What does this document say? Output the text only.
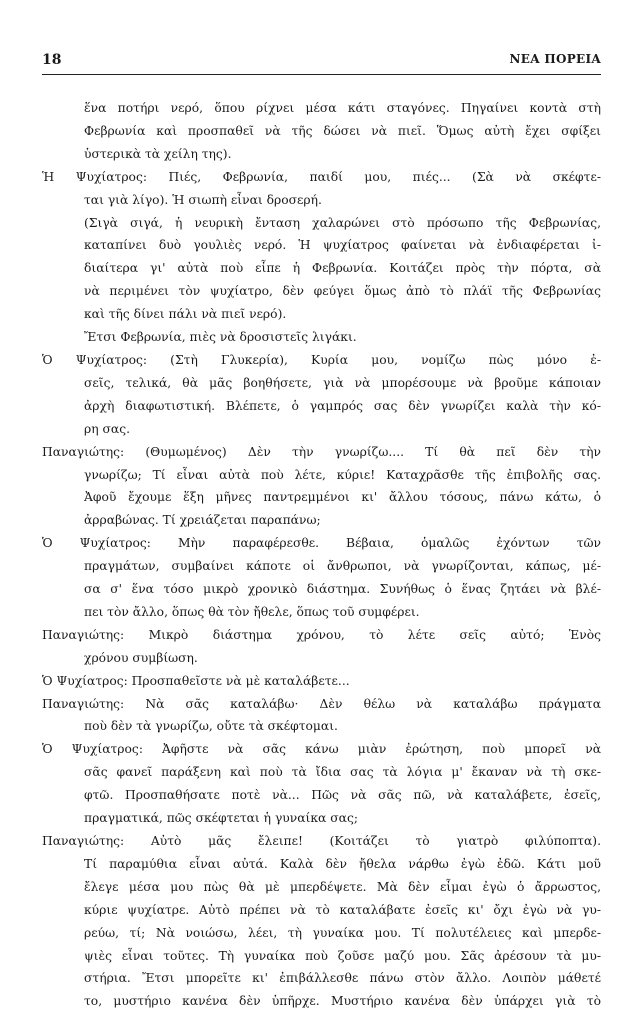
18	ΝΕΑ ΠΟΡΕΙΑ
ἕνα ποτήρι νερό, ὅπου ρίχνει μέσα κάτι σταγόνες. Πηγαίνει κοντὰ στὴ
Φεβρωνία καὶ προσπαθεῖ νὰ τῆς δώσει νὰ πιεῖ. Ὅμως αὐτὴ ἔχει σφίξει
ὑστερικὰ τὰ χείλη της).
Ἡ Ψυχίατρος: Πιές, Φεβρωνία, παιδί μου, πιές... (Σὰ νὰ σκέφτε-
ται γιὰ λίγο). Ἡ σιωπὴ εἶναι δροσερή.
(Σιγὰ σιγά, ἡ νευρικὴ ἔνταση χαλαρώνει στὸ πρόσωπο τῆς Φεβρωνίας,
καταπίνει δυὸ γουλιὲς νερό. Ἡ ψυχίατρος φαίνεται νὰ ἐνδιαφέρεται ἰ-
διαίτερα γι' αὐτὰ ποὺ εἶπε ἡ Φεβρωνία. Κοιτάζει πρὸς τὴν πόρτα, σὰ
νὰ περιμένει τὸν ψυχίατρο, δὲν φεύγει ὅμως ἀπὸ τὸ πλάϊ τῆς Φεβρωνίας
καὶ τῆς δίνει πάλι νὰ πιεῖ νερό).
Ἔτσι Φεβρωνία, πιὲς νὰ δροσιστεῖς λιγάκι.
Ὁ Ψυχίατρος: (Στὴ Γλυκερία), Κυρία μου, νομίζω πὼς μόνο ἐ-
σεῖς, τελικά, θὰ μᾶς βοηθήσετε, γιὰ νὰ μπορέσουμε νὰ βροῦμε κάποιαν
ἀρχὴ διαφωτιστική. Βλέπετε, ὁ γαμπρός σας δὲν γνωρίζει καλὰ τὴν κό-
ρη σας.
Παναγιώτης: (Θυμωμένος) Δὲν τὴν γνωρίζω.... Τί θὰ πεῖ δὲν τὴν
γνωρίζω; Τί εἶναι αὐτὰ ποὺ λέτε, κύριε! Καταχρᾶσθε τῆς ἐπιβολῆς σας.
Ἀφοῦ ἔχουμε ἕξη μῆνες παντρεμμένοι κι' ἄλλου τόσους, πάνω κάτω, ὁ
ἀρραβώνας. Τί χρειάζεται παραπάνω;
Ὁ Ψυχίατρος: Μὴν παραφέρεσθε. Βέβαια, ὁμαλῶς ἐχόντων τῶν
πραγμάτων, συμβαίνει κάποτε οἱ ἄνθρωποι, νὰ γνωρίζονται, κάπως, μέ-
σα σ' ἕνα τόσο μικρὸ χρονικὸ διάστημα. Συνήθως ὁ ἕνας ζητάει νὰ βλέ-
πει τὸν ἄλλο, ὅπως θὰ τὸν ἤθελε, ὅπως τοῦ συμφέρει.
Παναγιώτης: Μικρὸ διάστημα χρόνου, τὸ λέτε σεῖς αὐτό; Ἑνὸς
χρόνου συμβίωση.
Ὁ Ψυχίατρος: Προσπαθεῖστε νὰ μὲ καταλάβετε...
Παναγιώτης: Νὰ σᾶς καταλάβω· Δὲν θέλω νὰ καταλάβω πράγματα
ποὺ δὲν τὰ γνωρίζω, οὔτε τὰ σκέφτομαι.
Ὁ Ψυχίατρος: Ἀφῆστε νὰ σᾶς κάνω μιὰν ἐρώτηση, ποὺ μπορεῖ νὰ
σᾶς φανεῖ παράξενη καὶ ποὺ τὰ ἴδια σας τὰ λόγια μ' ἔκαναν νὰ τὴ σκε-
φτῶ. Προσπαθήσατε ποτὲ νὰ... Πῶς νὰ σᾶς πῶ, νὰ καταλάβετε, ἐσεῖς,
πραγματικά, πῶς σκέφτεται ἡ γυναίκα σας;
Παναγιώτης: Αὐτὸ μᾶς ἔλειπε! (Κοιτάζει τὸ γιατρὸ φιλύποπτα).
Τί παραμύθια εἶναι αὐτά. Καλὰ δὲν ἤθελα νάρθω ἐγὼ ἐδῶ. Κάτι μοῦ
ἔλεγε μέσα μου πὼς θὰ μὲ μπερδέψετε. Μὰ δὲν εἶμαι ἐγὼ ὁ ἄρρωστος,
κύριε ψυχίατρε. Αὐτὸ πρέπει νὰ τὸ καταλάβατε ἐσεῖς κι' ὄχι ἐγὼ νὰ γυ-
ρεύω, τί; Νὰ νοιώσω, λέει, τὴ γυναίκα μου. Τί πολυτέλειες καὶ μπερδε-
ψιὲς εἶναι τοῦτες. Τὴ γυναίκα ποὺ ζοῦσε μαζύ μου. Σᾶς ἀρέσουν τὰ μυ-
στήρια. Ἔτσι μπορεῖτε κι' ἐπιβάλλεσθε πάνω στὸν ἄλλο. Λοιπὸν μάθετέ
το, μυστήριο κανένα δὲν ὑπῆρχε. Μυστήριο κανένα δὲν ὑπάρχει γιὰ τὸ
